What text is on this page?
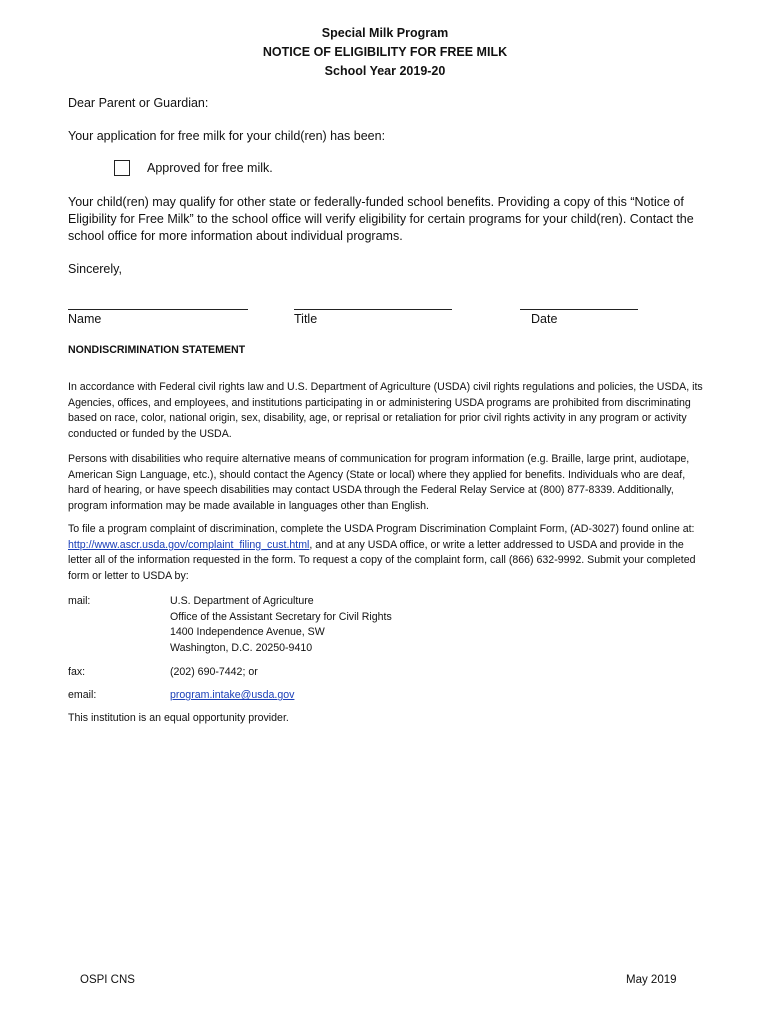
Special Milk Program
NOTICE OF ELIGIBILITY FOR FREE MILK
School Year 2019-20
Dear Parent or Guardian:
Your application for free milk for your child(ren) has been:
Approved for free milk.
Your child(ren) may qualify for other state or federally-funded school benefits. Providing a copy of this “Notice of Eligibility for Free Milk” to the school office will verify eligibility for certain programs for your child(ren). Contact the school office for more information about individual programs.
Sincerely,
Name	Title	Date
NONDISCRIMINATION STATEMENT
In accordance with Federal civil rights law and U.S. Department of Agriculture (USDA) civil rights regulations and policies, the USDA, its Agencies, offices, and employees, and institutions participating in or administering USDA programs are prohibited from discriminating based on race, color, national origin, sex, disability, age, or reprisal or retaliation for prior civil rights activity in any program or activity conducted or funded by the USDA.
Persons with disabilities who require alternative means of communication for program information (e.g. Braille, large print, audiotape, American Sign Language, etc.), should contact the Agency (State or local) where they applied for benefits. Individuals who are deaf, hard of hearing, or have speech disabilities may contact USDA through the Federal Relay Service at (800) 877-8339. Additionally, program information may be made available in languages other than English.
To file a program complaint of discrimination, complete the USDA Program Discrimination Complaint Form, (AD-3027) found online at: http://www.ascr.usda.gov/complaint_filing_cust.html, and at any USDA office, or write a letter addressed to USDA and provide in the letter all of the information requested in the form. To request a copy of the complaint form, call (866) 632-9992. Submit your completed form or letter to USDA by:
mail:	U.S. Department of Agriculture
Office of the Assistant Secretary for Civil Rights
1400 Independence Avenue, SW
Washington, D.C. 20250-9410
fax:	(202) 690-7442; or
email:	program.intake@usda.gov
This institution is an equal opportunity provider.
OSPI CNS	May 2019
